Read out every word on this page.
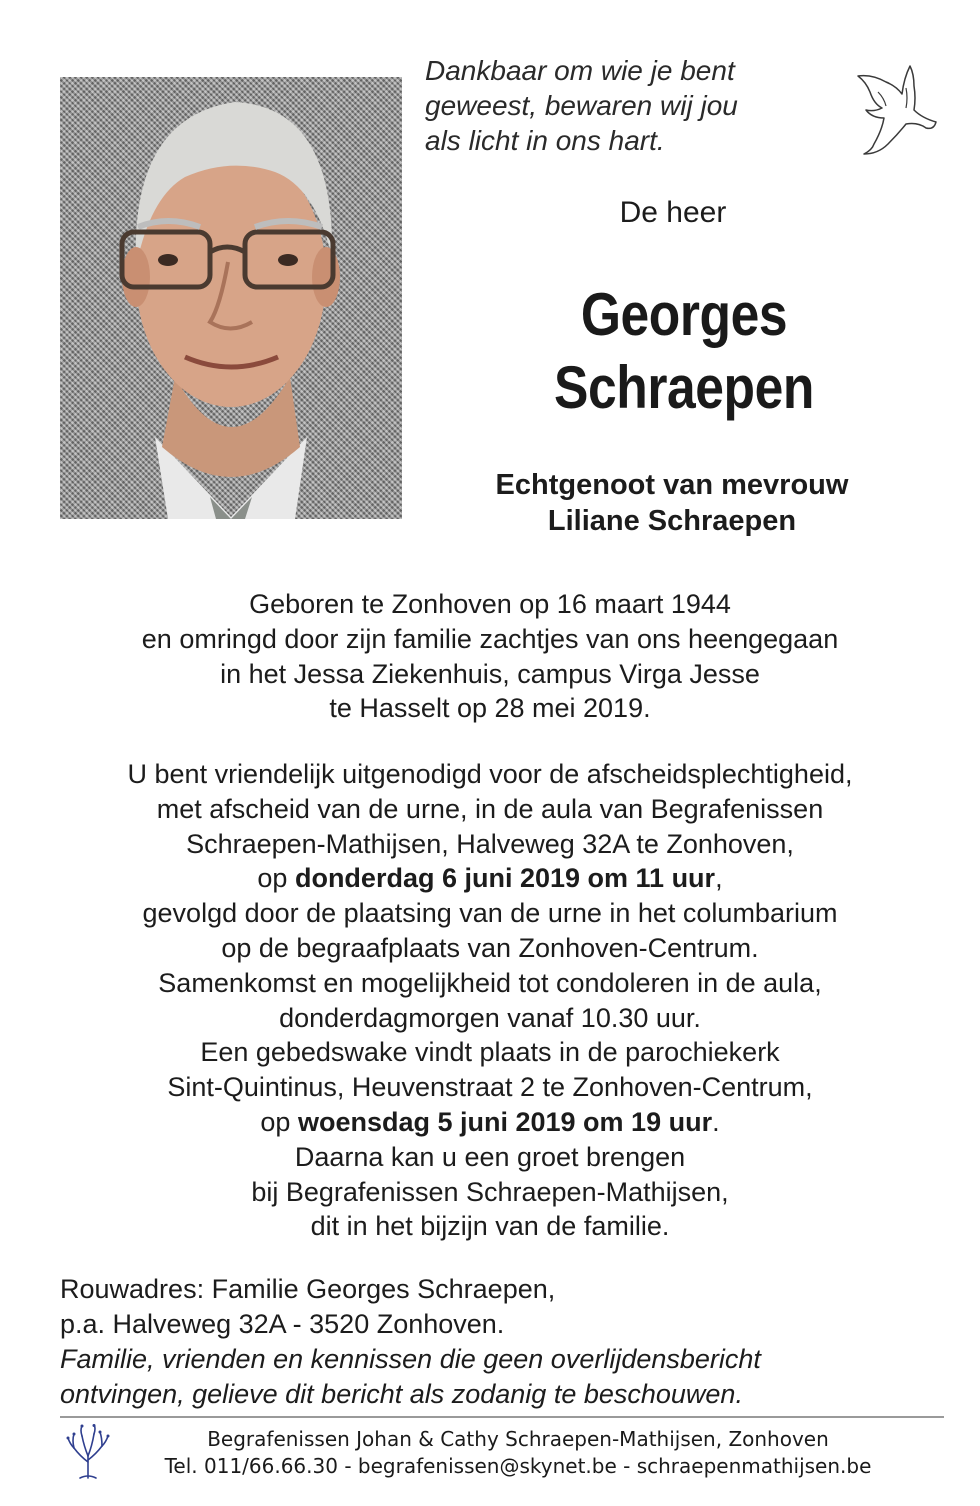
Dankbaar om wie je bent
geweest, bewaren wij jou
als licht in ons hart.
De heer
Georges
Schraepen
Echtgenoot van mevrouw
Liliane Schraepen

Geboren te Zonhoven op 16 maart 1944

en omringd door zijn familie zachtjes van ons heengegaan

in het Jessa Ziekenhuis, campus Virga Jesse

te Hasselt op 28 mei 2019.

U bent vriendelijk uitgenodigd voor de afscheidsplechtigheid,

met afscheid van de urne, in de aula van Begrafenissen

Schraepen-Mathijsen, Halveweg 32A te Zonhoven,

op donderdag 6 juni 2019 om 11 uur,

gevolgd door de plaatsing van de urne in het columbarium

op de begraafplaats van Zonhoven-Centrum.

Samenkomst en mogelijkheid tot condoleren in de aula,

donderdagmorgen vanaf 10.30 uur.

Een gebedswake vindt plaats in de parochiekerk

Sint-Quintinus, Heuvenstraat 2 te Zonhoven-Centrum,

op woensdag 5 juni 2019 om 19 uur.

Daarna kan u een groet brengen

bij Begrafenissen Schraepen-Mathijsen,

dit in het bijzijn van de familie.

Rouwadres: Familie Georges Schraepen,

p.a. Halveweg 32A - 3520 Zonhoven.

Familie, vrienden en kennissen die geen overlijdensbericht

ontvingen, gelieve dit bericht als zodanig te beschouwen.

Begrafenissen Johan & Cathy Schraepen-Mathijsen, Zonhoven

Tel. 011/66.66.30 - begrafenissen@skynet.be - schraepenmathijsen.be
